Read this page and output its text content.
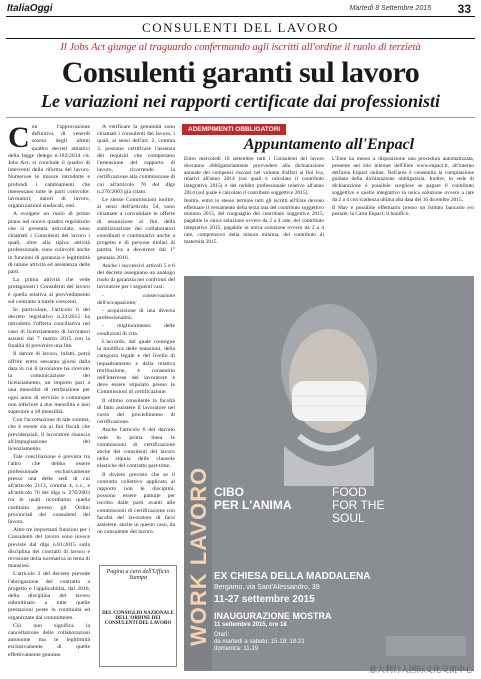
ItaliaOggi	Martedì 8 Settembre 2015 33
CONSULENTI DEL LAVORO
Il Jobs Act giunge al traguardo confermando agli iscritti all'ordine il ruolo di terzietà
Consulenti garanti sul lavoro
Le variazioni nei rapporti certificate dai professionisti
C on l'approvazione definitiva di venerdì scorso degli ultimi quattro decreti attuativi della legge delega n.183/2014 cd. Jobs Act, si conclude il quadro di interventi della riforma del lavoro. Numerose le misure introdotte e profondi i cambiamenti che interessano tutte le parti coinvolte: lavoratori, datori di lavoro, organizzazioni sindacali, enti.

A svolgere un ruolo di primo piano nel nuovo quadro regolatorio che si presenta articolato, sono chiamati i Consulenti del lavoro i quali, oltre alla tipica attività professionale, sono coinvolti anche in funzioni di garanzia e legittimità di talune attività ed assistenza delle parti.

La prima attività che vede protagonisti i Consulenti del lavoro è quella relativa al provvedimento sul contratto a tutele crescenti.

In particolare, l'articolo 6 del decreto legislativo n.23/2015 ha introdotto l'offerta conciliativa nel caso di licenziamento di lavoratori assunti dal 7 marzo 2015 con la finalità di prevenire una lite.

Il datore di lavoro, infatti, potrà offrire entro sessanta giorni dalla data in cui il lavoratore ha ricevuto la comunicazione del licenziamento, un importo pari a una mensilità di retribuzione per ogni anno di servizio e comunque non inferiore a due mensilità e non superiore a 18 mensilità.

Con l'accettazione di tale somma, che è esente sia ai fini fiscali che previdenziali, il lavoratore rinuncia all'impugnazione del licenziamento.

Tale conciliazione è prevista tra l'altro che debba essere professionale esclusivamente presso una delle sedi di cui all'articolo 2113, comma 4, c.c., e all'articolo 76 del dlgs n. 276/2003 tra le quali ricordiamo quella costituita presso gli Ordini provinciali dei consulenti del lavoro.

Altre tre importanti funzioni per i Consulenti del lavoro sono invece previste dal dlgs n.81/2015 sulla disciplina dei contratti di lavoro e revisione della normativa in tema di mansioni.

L'articolo 2 del decreto prevede l'abrogazione del contratto a progetto e l'applicabilità, dal 2016, della disciplina del lavoro subordinato a tutte quelle prestazioni poste in continuità ed organizzate dal committente.

Ciò non significa la cancellazione delle collaborazioni autonome ma le legittimità esclusivamente di quelle effettivamente genuine.

A verificare la genuinità sono chiamati i consulenti del lavoro, i quali, ai sensi dell'art. 2, comma 3, possono certificare l'assenza dei requisiti che comportano l'estensione del rapporto di lavoro, ricorrendo la certificazione alla commissione di cui all'articolo 76 del dlgs n.276/2003 già citato.

Le stesse Commissioni inoltre, ai sensi dell'articolo 54, sono chiamate a convalidare le offerte di assunzione ai fini della stabilizzazione dei collaboratori coordinati e continuativi anche a progetto e di persone titolari di partita Iva a decorrere dal 1° gennaio 2016.

Anche i successivi articoli 5 e 6 del decreto assegnano un analogo ruolo di garanzia nei confronti del lavoratore per i seguenti casi:

- conservazione dell'occupazione;

- acquisizione di una diversa professionalità;

- miglioramento delle condizioni di vita.

L'accordo, dal quale consegue la modifica delle mansioni, della categoria legale e del livello di inquadramento e della relativa retribuzione, è consentito nell'interesse del lavoratore e deve essere stipulato presso le Commissioni di certificazione.

Il ultimo consulente la facoltà di fatto assistere il lavoratore nel corso del procedimento di certificazione.

Anche l'articolo 6 del decreto vede in prima linea le commissioni di certificazione anche dei consulenti del lavoro nella stipula delle clausole elastiche del contratto part-time.

Il divieto previsto che se il contratto collettivo applicato al rapporto non le disciplini, possono essere pattuite per iscritto dalle parti avanti alle commissioni di certificazione con facoltà del lavoratore di farsi assistere, anche in questo caso, da un consulente del lavoro.

Pagina a cura dell'Ufficio Stampa
DEL CONSIGLIO NAZIONALE DELL'ORDINE DEI CONSULENTI DEL LAVORO
ADEMPIMENTI OBBLIGATORI
Appuntamento all'Enpacl

Entro mercoledì 16 settembre tutti i Consulenti del lavoro dovranno obbligatoriamente provvedere alla dichiarazione annuale dei compensi riscossi nel volume d'affari ai fini Iva, relativi all'anno 2014 (sui quali è calcolato il contributo integrativo 2015) e del reddito professionale relativo all'anno 2014 (sul quale è calcolato il contributo soggettivo 2015).

Inoltre, entro lo stesso termine tutti gli iscritti all'Ente devono effettuare il versamento della terza rata del contributo soggettivo minimo 2015, del conguaglio del contributo soggettivo 2015, pagabile in unica soluzione ovvero da 2 a 4 rate, del contributo integrativo 2015, pagabile in unica soluzione ovvero da 2 a 4 rate, comprensivo della misura minima, del contributo di maternità 2015.

L'Ente ha messo a disposizione una procedura automatizzata, presente nel sito internet dell'Ente www.enpacl.it, all'interno dell'area Enpacl online. Nell'area è consentita la compilazione guidata della dichiarazione obbligatoria. Inoltre, in sede di dichiarazione è possibile scegliere se pagare il contributo soggettivo e quello integrativo in unica soluzione ovvero a rate da 2 a 4 con scadenza ultima alla data del 16 dicembre 2015.

Il Mav è possibile effettuarlo presso un Istituto bancario e/o postale; la Carta Enpacl; il bonifico.

WORK LAVORO CIBO
PER L'ANIMA
FOOD
FOR THE
SOUL
EX CHIESA DELLA MADDALENA
Bergamo, via Sant'Alessandro, 39
11-27 settembre 2015
INAUGURAZIONE MOSTRA
11 settembre 2015, ore 18
Orari:
da martedì a sabato: 15-19; 19-21
domenica: 11-19
意大利行人国际文化交流中心
